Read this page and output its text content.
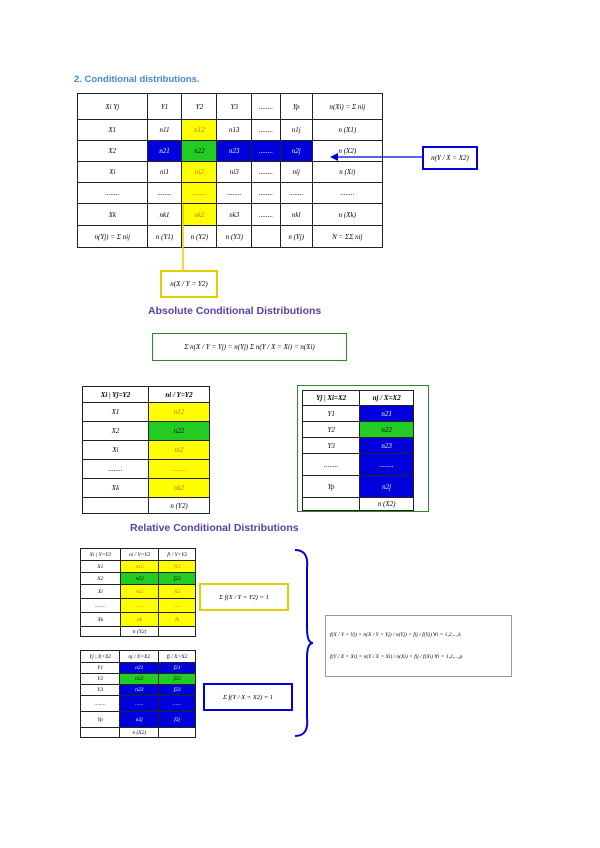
2. Conditional distributions.
Xi Yj	Y1	Y2	Y3	........	Yp	n(Xi) = Σ nij
X1	n11	n12	n13	........	n1j	n (X1)
X2	n21	n22	n23	........	n2j	n (X2)
Xi	ni1	ni2	ni3	........	nij	n (Xi)
........	........	........	........	........	........	........
Xk	nk1	nk2	nk3	........	nkl	n (Xk)
n(Yj) = Σ nij	n (Y1)	n (Y2)	n (Y3)		n (Yj)	N = ΣΣ nij
n(Y / X = X2)
n(X / Y = Y2)
Absolute Conditional Distributions
Σ n(X / Y = Yj) = n(Yj) Σ n(Y / X = Xi) = n(Xi)
Xi | Yj=Y2	ni / Y=Y2
X1	n12
X2	n22
Xi	ni2
........	........
Xk	nk2
	n (Y2)
Yj | Xi=X2	nj / X=X2
Y1	n21
Y2	n22
Y3	n23
........	........
Yp	n2j
	n (X2)
Relative Conditional Distributions
Xi | Y=Y2	ni / Y=Y2	fi / Y=Y2
X1	n12	f12
X2	n22	f22
Xi	ni2	fi2
........	......	......
Xk	nk	fk
	n (Y2)	
Σ f(X / Y = Y2) = 1
Yj | X=X2	nj / X=X2	fj / X=X2
Y1	n21	f21
Y2	n22	f22
Y3	n23	f23
........	......	......
Yp	n2j	f2j
	n (X2)	
Σ f(Y / X = X2) = 1
f(X / Y = Yj) = n(X / Y = Yj) / n(Yj) = fij / f(Yj) ∀i = 1,2,...,k
f(Y / X = Xi) = n(Y / X = Xi) / n(Xi) = fij / f(Xi) ∀i = 1,2,...,p
